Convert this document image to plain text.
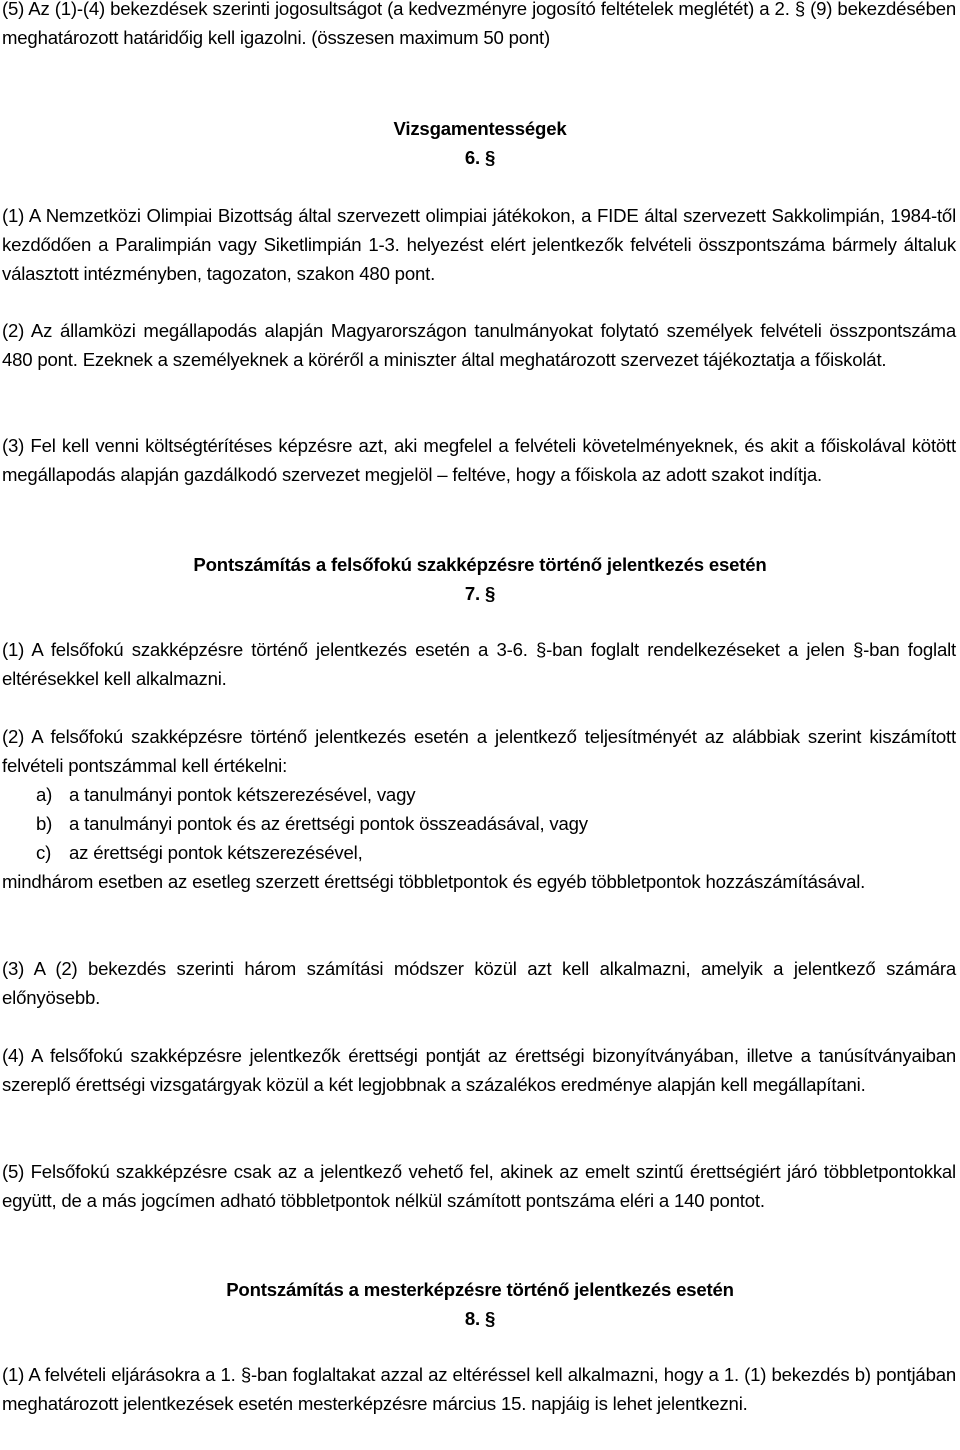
(5) Az (1)-(4) bekezdések szerinti jogosultságot (a kedvezményre jogosító feltételek meglétét) a 2. § (9) bekezdésében meghatározott határidőig kell igazolni. (összesen maximum 50 pont)

Vizsgamentességek

6. §

(1) A Nemzetközi Olimpiai Bizottság által szervezett olimpiai játékokon, a FIDE által szervezett Sakkolimpián, 1984-től kezdődően a Paralimpián vagy Siketlimpián 1-3. helyezést elért jelentkezők felvételi összpontszáma bármely általuk választott intézményben, tagozaton, szakon 480 pont.

(2) Az államközi megállapodás alapján Magyarországon tanulmányokat folytató személyek felvételi összpontszáma 480 pont. Ezeknek a személyeknek a köréről a miniszter által meghatározott szervezet tájékoztatja a főiskolát.

(3) Fel kell venni költségtérítéses képzésre azt, aki megfelel a felvételi követelményeknek, és akit a főiskolával kötött megállapodás alapján gazdálkodó szervezet megjelöl – feltéve, hogy a főiskola az adott szakot indítja.

Pontszámítás a felsőfokú szakképzésre történő jelentkezés esetén

7. §

(1) A felsőfokú szakképzésre történő jelentkezés esetén a 3-6. §-ban foglalt rendelkezéseket a jelen §-ban foglalt eltérésekkel kell alkalmazni.

(2) A felsőfokú szakképzésre történő jelentkezés esetén a jelentkező teljesítményét az alábbiak szerint kiszámított felvételi pontszámmal kell értékelni:

a) a tanulmányi pontok kétszerezésével, vagy
b) a tanulmányi pontok és az érettségi pontok összeadásával, vagy
c) az érettségi pontok kétszerezésével,

mindhárom esetben az esetleg szerzett érettségi többletpontok és egyéb többletpontok hozzászámításával.

(3) A (2) bekezdés szerinti három számítási módszer közül azt kell alkalmazni, amelyik a jelentkező számára előnyösebb.

(4) A felsőfokú szakképzésre jelentkezők érettségi pontját az érettségi bizonyítványában, illetve a tanúsítványaiban szereplő érettségi vizsgatárgyak közül a két legjobbnak a százalékos eredménye alapján kell megállapítani.

(5) Felsőfokú szakképzésre csak az a jelentkező vehető fel, akinek az emelt szintű érettségiért járó többletpontokkal együtt, de a más jogcímen adható többletpontok nélkül számított pontszáma eléri a 140 pontot.

Pontszámítás a mesterképzésre történő jelentkezés esetén

8. §

(1) A felvételi eljárásokra a 1. §-ban foglaltakat azzal az eltéréssel kell alkalmazni, hogy a 1. (1) bekezdés b) pontjában meghatározott jelentkezések esetén mesterképzésre március 15. napjáig is lehet jelentkezni.
